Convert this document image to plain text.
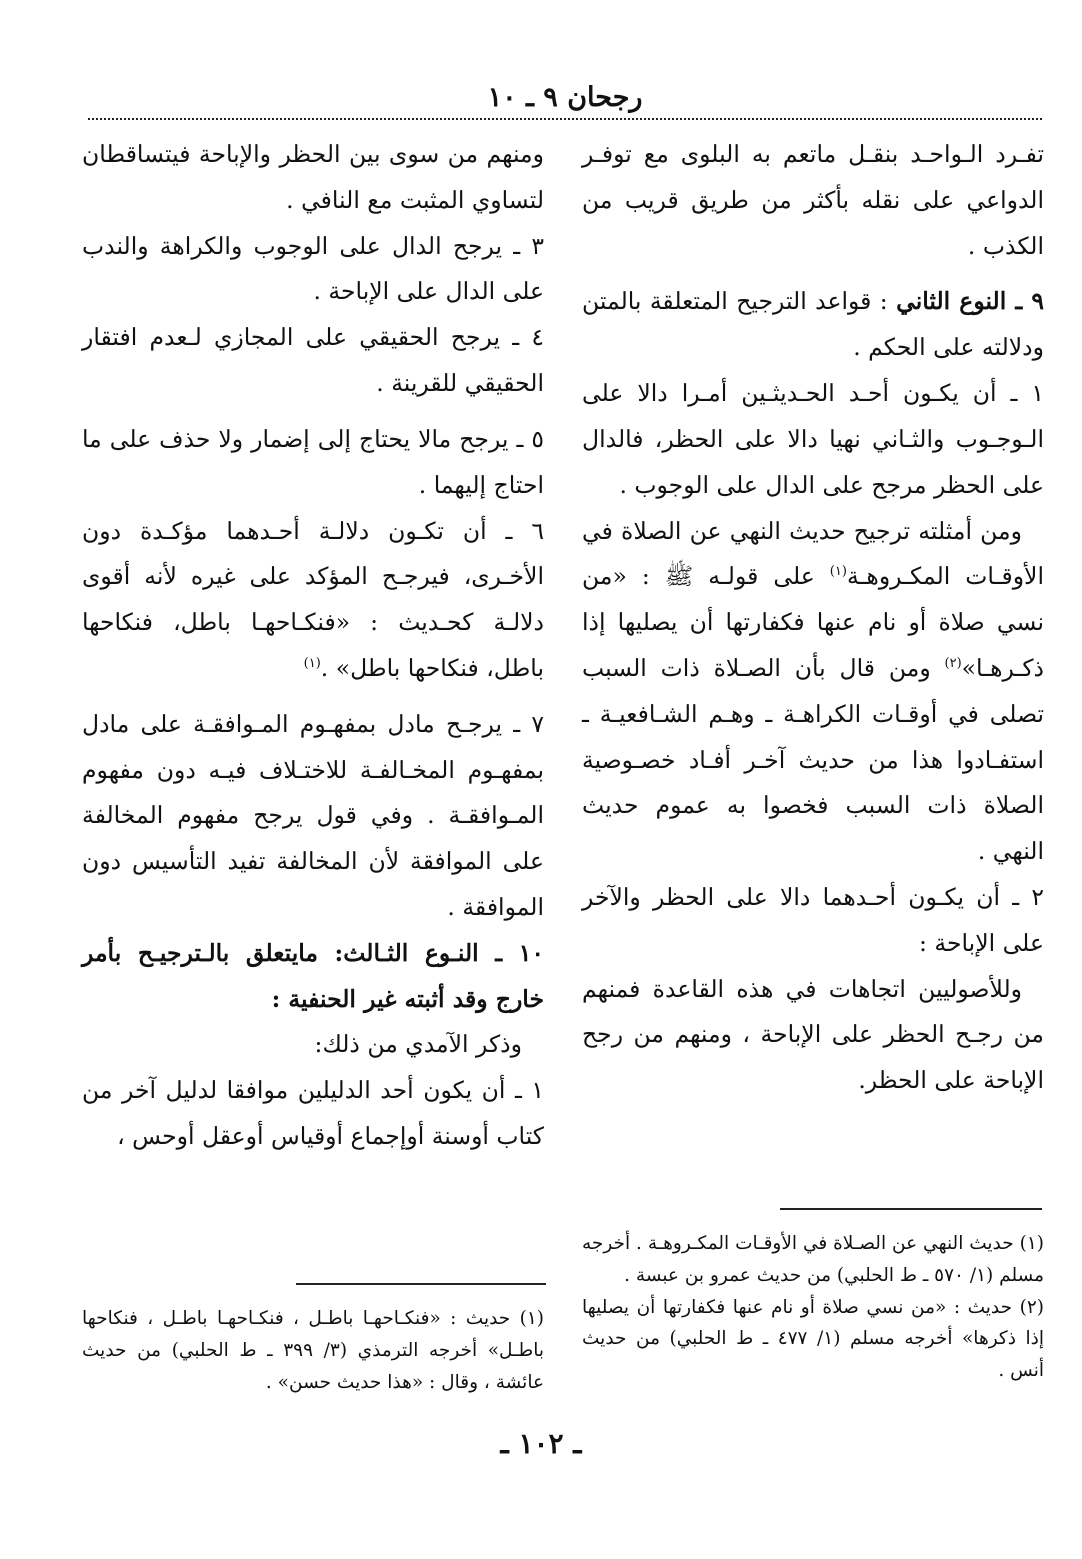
رجحان ٩ ـ ١٠

تفـرد الـواحـد بنقـل ماتعم به البلوى مع توفـر الدواعي على نقله بأكثر من طريق قريب من الكذب .

٩ ـ النوع الثاني : قواعد الترجيح المتعلقة بالمتن ودلالته على الحكم .

١ ـ أن يكـون أحـد الحـديثـين أمـرا دالا على الـوجـوب والثـاني نهيا دالا على الحظر، فالدال على الحظر مرجح على الدال على الوجوب .

ومن أمثلته ترجيح حديث النهي عن الصلاة في الأوقـات المكـروهـة$^{(١)}$ على قولـه ﷺ : «من نسي صلاة أو نام عنها فكفارتها أن يصليها إذا ذكـرهـا»$^{(٢)}$ ومن قال بأن الصـلاة ذات السبب تصلى في أوقـات الكراهـة ـ وهـم الشـافعيـة ـ استفـادوا هذا من حديث آخـر أفـاد خصـوصية الصلاة ذات السبب فخصوا به عموم حديث النهي .

٢ ـ أن يكـون أحـدهما دالا على الحظر والآخر على الإباحة :

وللأصوليين اتجاهات في هذه القاعدة فمنهم من رجـح الحظر على الإباحة ، ومنهم من رجح الإباحة على الحظر.

ومنهم من سوى بين الحظر والإباحة فيتساقطان لتساوي المثبت مع النافي .

٣ ـ يرجح الدال على الوجوب والكراهة والندب على الدال على الإباحة .

٤ ـ يرجح الحقيقي على المجازي لـعدم افتقار الحقيقي للقرينة .

٥ ـ يرجح مالا يحتاج إلى إضمار ولا حذف على ما احتاج إليهما .

٦ ـ أن تكـون دلالـة أحـدهما مؤكـدة دون الأخـرى، فيرجـح المؤكد على غيره لأنه أقوى دلالـة كحـديث : «فنكـاحهـا باطل، فنكاحها باطل، فنكاحها باطل» .$^{(١)}$

٧ ـ يرجـح مادل بمفهـوم المـوافقـة على مادل بمفهـوم المخـالفـة للاختـلاف فيـه دون مفهوم المـوافقـة . وفي قول يرجح مفهوم المخالفة على الموافقة لأن المخالفة تفيد التأسيس دون الموافقة .

١٠ ـ النـوع الثـالث: مايتعلق بالـترجيـح بأمر خارج وقد أثبته غير الحنفية :

وذكر الآمدي من ذلك:

١ ـ أن يكون أحد الدليلين موافقا لدليل آخر من كتاب أوسنة أوإجماع أوقياس أوعقل أوحس ،

(١) حديث النهي عن الصـلاة في الأوقـات المكـروهـة . أخرجه مسلم (١/ ٥٧٠ ـ ط الحلبي) من حديث عمرو بن عبسة .

(٢) حديث : «من نسي صلاة أو نام عنها فكفارتها أن يصليها إذا ذكرها» أخرجه مسلم (١/ ٤٧٧ ـ ط الحلبي) من حديث أنس .

(١) حديث : «فنكـاحهـا باطـل ، فنكـاحهـا باطـل ، فنكاحها باطـل» أخرجه الترمذي (٣/ ٣٩٩ ـ ط الحلبي) من حديث عائشة ، وقال : «هذا حديث حسن» .

ـ ١٠٢ ـ
